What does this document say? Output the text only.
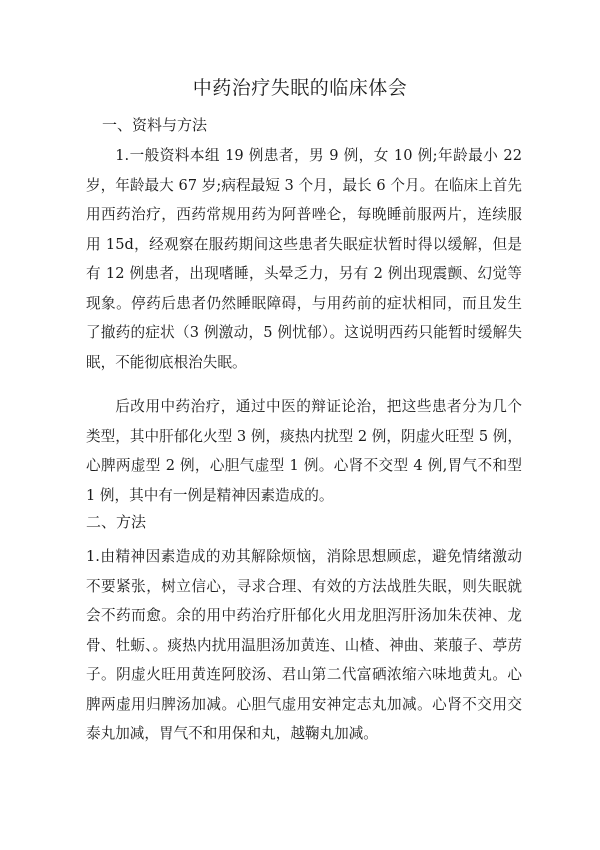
中药治疗失眠的临床体会
一、资料与方法

1.一般资料本组 19 例患者，男 9 例，女 10 例;年龄最小 22 岁，年龄最大 67 岁;病程最短 3 个月，最长 6 个月。在临床上首先用西药治疗，西药常规用药为阿普唑仑，每晚睡前服两片，连续服用 15d，经观察在服药期间这些患者失眠症状暂时得以缓解，但是有 12 例患者，出现嗜睡，头晕乏力，另有 2 例出现震颤、幻觉等现象。停药后患者仍然睡眠障碍，与用药前的症状相同，而且发生了撤药的症状（3 例激动，5 例忧郁）。这说明西药只能暂时缓解失眠，不能彻底根治失眠。

后改用中药治疗，通过中医的辩证论治，把这些患者分为几个类型，其中肝郁化火型 3 例，痰热内扰型 2 例，阴虚火旺型 5 例，心脾两虚型 2 例，心胆气虚型 1 例。心肾不交型 4 例,胃气不和型 1 例，其中有一例是精神因素造成的。

二、方法

1.由精神因素造成的劝其解除烦恼，消除思想顾虑，避免情绪激动不要紧张，树立信心，寻求合理、有效的方法战胜失眠，则失眠就会不药而愈。余的用中药治疗肝郁化火用龙胆泻肝汤加朱茯神、龙骨、牡蛎、。痰热内扰用温胆汤加黄连、山楂、神曲、莱菔子、葶苈子。阴虚火旺用黄连阿胶汤、君山第二代富硒浓缩六味地黄丸。心脾两虚用归脾汤加减。心胆气虚用安神定志丸加减。心肾不交用交泰丸加减，胃气不和用保和丸，越鞠丸加减。
